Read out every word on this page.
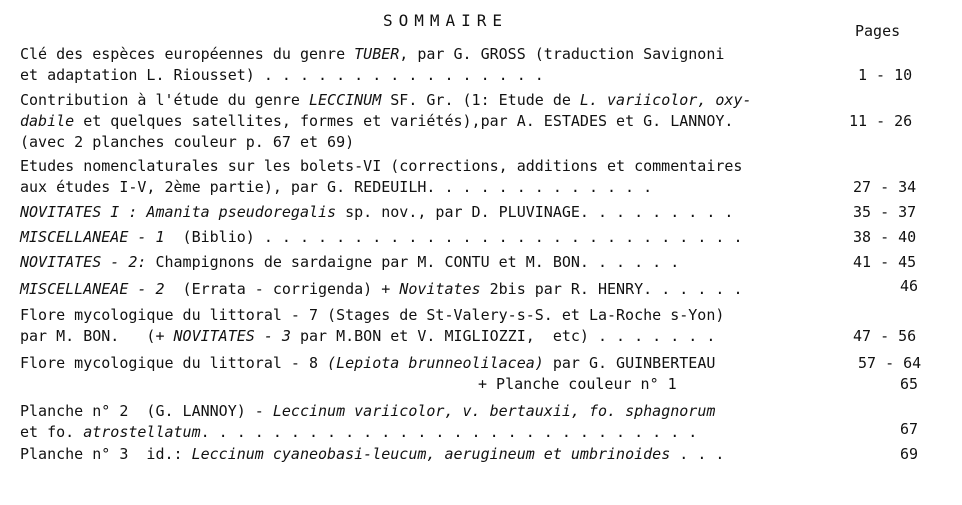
SOMMAIRE
Pages
Clé des espèces européennes du genre TUBER, par G. GROSS (traduction Savignoni
et adaptation L. Riousset) . . . . . . . . . . . . . . . .	1 - 10
Contribution à l'étude du genre LECCINUM SF. Gr. (1: Etude de L. variicolor, oxy-
dabile et quelques satellites, formes et variétés),par A. ESTADES et G. LANNOY.	11 - 26
(avec 2 planches couleur p. 67 et 69)
Etudes nomenclaturales sur les bolets-VI (corrections, additions et commentaires
aux études I-V, 2ème partie), par G. REDEUILH. . . . . . . . . . . . .	27 - 34
NOVITATES I : Amanita pseudoregalis sp. nov., par D. PLUVINAGE. . . . . . . . .	35 - 37
MISCELLANEAE - 1  (Biblio) . . . . . . . . . . . . . . . . . . . . . . . . . . .	38 - 40
NOVITATES - 2: Champignons de sardaigne par M. CONTU et M. BON. . . . . .	41 - 45
MISCELLANEAE - 2  (Errata - corrigenda) + Novitates 2bis par R. HENRY. . . . . .	46
Flore mycologique du littoral - 7 (Stages de St-Valery-s-S. et La-Roche s-Yon)
par M. BON.   (+ NOVITATES - 3 par M.BON et V. MIGLIOZZI,  etc) . . . . . . .	47 - 56
Flore mycologique du littoral - 8 (Lepiota brunneolilacea) par G. GUINBERTEAU	57 - 64
+ Planche couleur n° 1	65
Planche n° 2  (G. LANNOY) - Leccinum variicolor, v. bertauxii, fo. sphagnorum
et fo. atrostellatum. . . . . . . . . . . . . . . . . . . . . . . . . . . .	67
Planche n° 3  id.: Leccinum cyaneobasi-leucum, aerugineum et umbrinoides . . .	69
